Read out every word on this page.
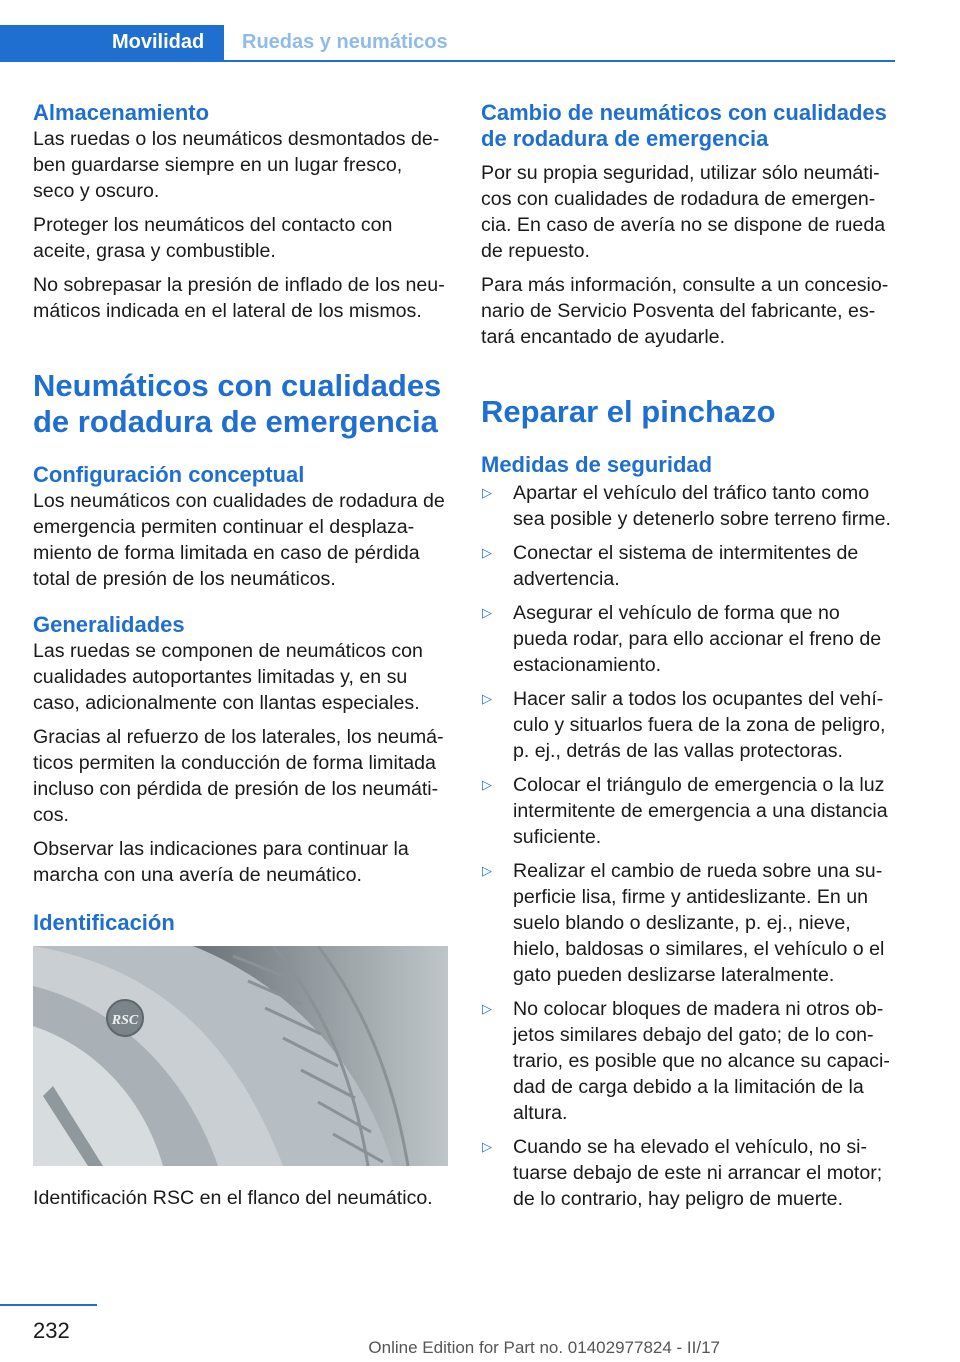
Movilidad Ruedas y neumáticos
Almacenamiento

Las ruedas o los neumáticos desmontados de-ben guardarse siempre en un lugar fresco, seco y oscuro.

Proteger los neumáticos del contacto con aceite, grasa y combustible.

No sobrepasar la presión de inflado de los neu-máticos indicada en el lateral de los mismos.

Neumáticos con cualidades de rodadura de emergencia
Configuración conceptual

Los neumáticos con cualidades de rodadura de emergencia permiten continuar el desplaza-miento de forma limitada en caso de pérdida total de presión de los neumáticos.

Generalidades

Las ruedas se componen de neumáticos con cualidades autoportantes limitadas y, en su caso, adicionalmente con llantas especiales.

Gracias al refuerzo de los laterales, los neumá-ticos permiten la conducción de forma limitada incluso con pérdida de presión de los neumáti-cos.

Observar las indicaciones para continuar la marcha con una avería de neumático.

Identificación
RSC

Identificación RSC en el flanco del neumático.

Cambio de neumáticos con cualidades de rodadura de emergencia

Por su propia seguridad, utilizar sólo neumáti-cos con cualidades de rodadura de emergen-cia. En caso de avería no se dispone de rueda de repuesto.

Para más información, consulte a un concesio-nario de Servicio Posventa del fabricante, es-tará encantado de ayudarle.

Reparar el pinchazo
Medidas de seguridad
▷ Apartar el vehículo del tráfico tanto como sea posible y detenerlo sobre terreno firme.
▷ Conectar el sistema de intermitentes de advertencia.
▷ Asegurar el vehículo de forma que no pueda rodar, para ello accionar el freno de estacionamiento.
▷ Hacer salir a todos los ocupantes del vehí-culo y situarlos fuera de la zona de peligro, p. ej., detrás de las vallas protectoras.
▷ Colocar el triángulo de emergencia o la luz intermitente de emergencia a una distancia suficiente.
▷ Realizar el cambio de rueda sobre una su-perficie lisa, firme y antideslizante. En un suelo blando o deslizante, p. ej., nieve, hielo, baldosas o similares, el vehículo o el gato pueden deslizarse lateralmente.
▷ No colocar bloques de madera ni otros ob-jetos similares debajo del gato; de lo con-trario, es posible que no alcance su capaci-dad de carga debido a la limitación de la altura.
▷ Cuando se ha elevado el vehículo, no si-tuarse debajo de este ni arrancar el motor; de lo contrario, hay peligro de muerte.
232
Online Edition for Part no. 01402977824 - II/17
